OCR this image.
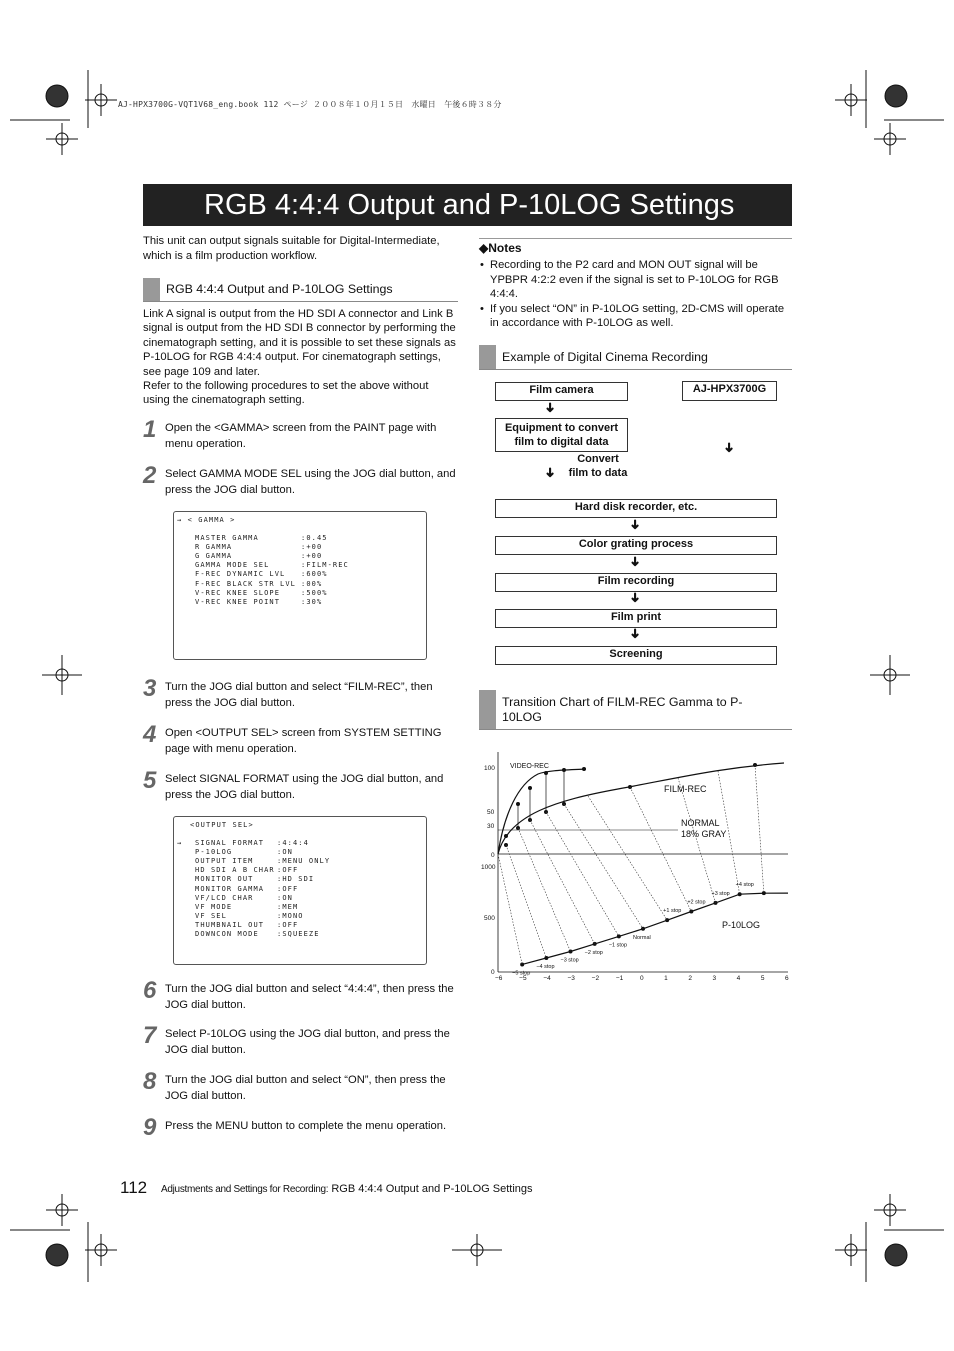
AJ-HPX3700G-VQT1V68_eng.book 112 ページ ２００８年１０月１５日　水曜日　午後６時３８分
RGB 4:4:4 Output and P-10LOG Settings
This unit can output signals suitable for Digital-Intermediate, which is a film production workflow.
RGB 4:4:4 Output and P-10LOG Settings
Link A signal is output from the HD SDI A connector and Link B signal is output from the HD SDI B connector by performing the cinematograph setting, and it is possible to set these signals as P-10LOG for RGB 4:4:4 output. For cinematograph settings, see page 109 and later.
Refer to the following procedures to set the above without using the cinematograph setting.
1 Open the <GAMMA> screen from the PAINT page with menu operation.
2 Select GAMMA MODE SEL using the JOG dial button, and press the JOG dial button.
→ < GAMMA >
MASTER GAMMA	:0.45
R GAMMA	:+00
G GAMMA	:+00
GAMMA MODE SEL	:FILM-REC
F-REC DYNAMIC LVL	:600%
F-REC BLACK STR LVL :00%
V-REC KNEE SLOPE	:500%
V-REC KNEE POINT	:30%
3 Turn the JOG dial button and select “FILM-REC”, then press the JOG dial button.
4 Open <OUTPUT SEL> screen from SYSTEM SETTING page with menu operation.
5 Select SIGNAL FORMAT using the JOG dial button, and press the JOG dial button.
<OUTPUT SEL>
→	SIGNAL FORMAT	:4:4:4
P-10LOG	:ON
OUTPUT ITEM	:MENU ONLY
HD SDI A B CHAR :OFF
MONITOR OUT	:HD SDI
MONITOR GAMMA	:OFF
VF/LCD CHAR	:ON
VF MODE	:MEM
VF SEL	:MONO
THUMBNAIL OUT	:OFF
DOWNCON MODE	:SQUEEZE
6 Turn the JOG dial button and select “4:4:4”, then press the JOG dial button.
7 Select P-10LOG using the JOG dial button, and press the JOG dial button.
8 Turn the JOG dial button and select “ON”, then press the JOG dial button.
9 Press the MENU button to complete the menu operation.
◆Notes
• Recording to the P2 card and MON OUT signal will be YPBPR 4:2:2 even if the signal is set to P-10LOG for RGB 4:4:4.
• If you select “ON” in P-10LOG setting, 2D-CMS will operate in accordance with P-10LOG as well.
Example of Digital Cinema Recording
Film camera	AJ-HPX3700G
➜
Equipment to convert film to digital data	➜
➜
Convert film to data
Hard disk recorder, etc.
➜
Color grating process
➜
Film recording
➜
Film print
➜
Screening
Transition Chart of FILM-REC Gamma to P-10LOG
100
50
30
0
1000
500
0
−6	−5	−4	−3	−2	−1	0	1	2	3	4	5	6
VIDEO-REC
FILM-REC
NORMAL
18% GRAY
P-10LOG
−5 stop
−4 stop
−3 stop
−2 stop
−1 stop
Normal
+1 stop
+2 stop
+3 stop
+4 stop
112 Adjustments and Settings for Recording: RGB 4:4:4 Output and P-10LOG Settings
